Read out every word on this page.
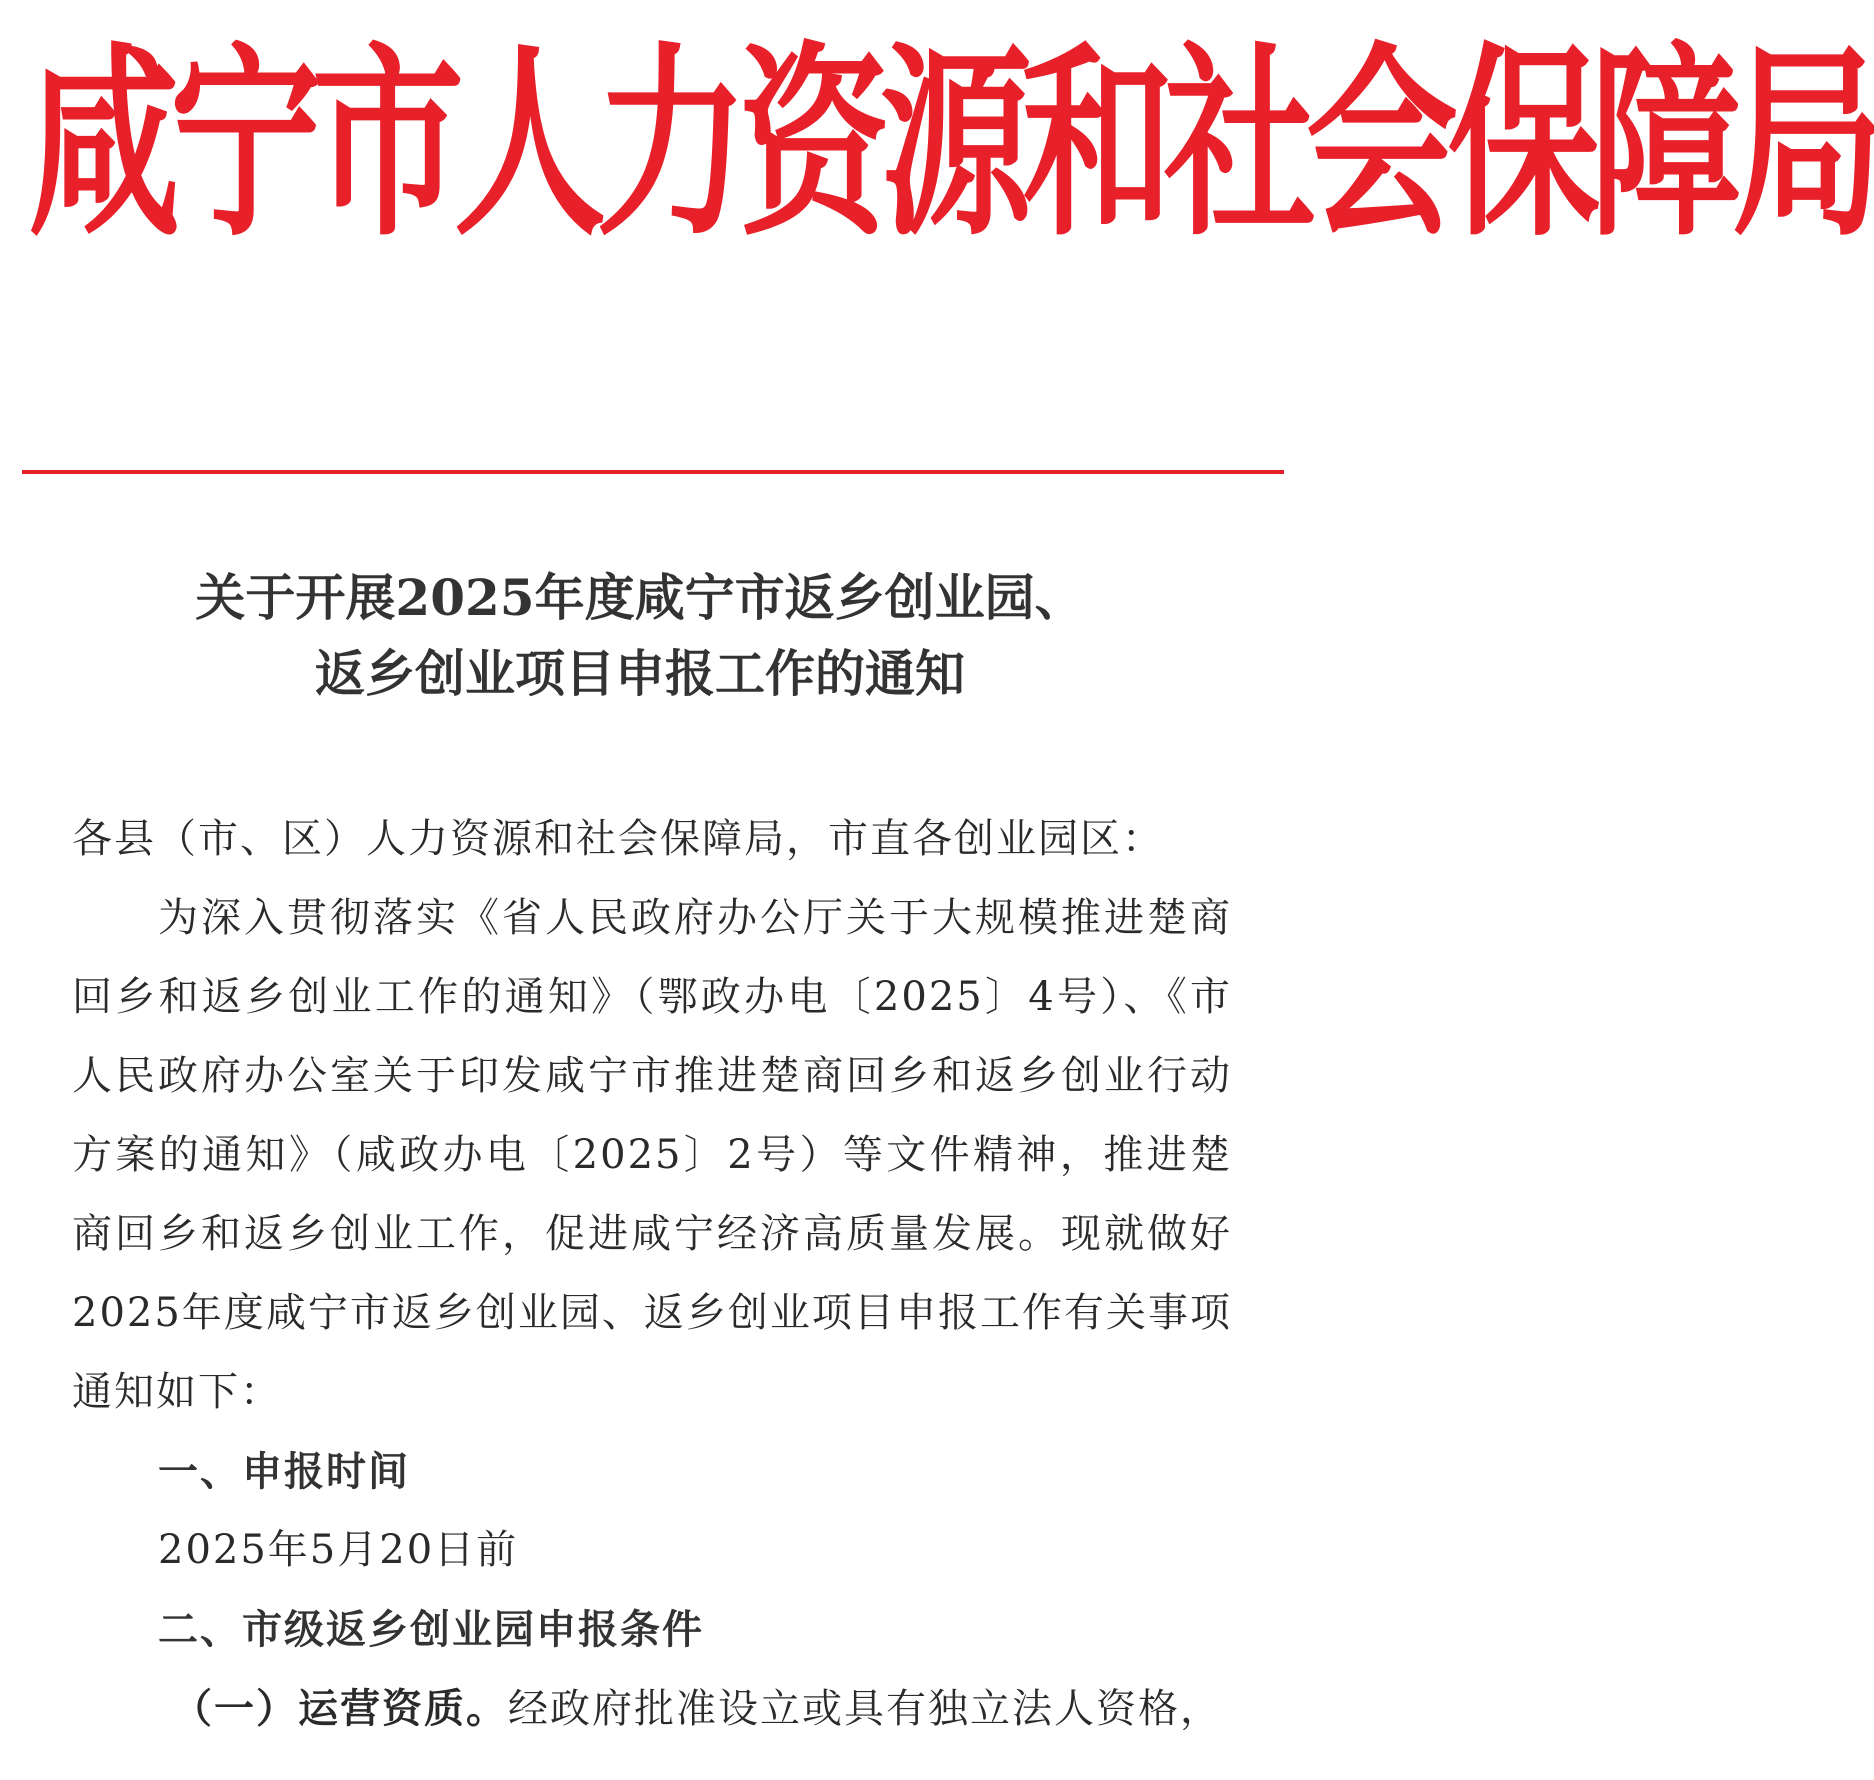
咸宁市人力资源和社会保障局
关于开展2025年度咸宁市返乡创业园、
返乡创业项目申报工作的通知

各县（市、区）人力资源和社会保障局，市直各创业园区：

为深入贯彻落实《省人民政府办公厅关于大规模推进楚商回乡和返乡创业工作的通知》（鄂政办电〔2025〕4号）、《市人民政府办公室关于印发咸宁市推进楚商回乡和返乡创业行动方案的通知》（咸政办电〔2025〕2号）等文件精神，推进楚商回乡和返乡创业工作，促进咸宁经济高质量发展。现就做好2025年度咸宁市返乡创业园、返乡创业项目申报工作有关事项通知如下：

一、申报时间

2025年5月20日前

二、市级返乡创业园申报条件

（一）运营资质。经政府批准设立或具有独立法人资格，
